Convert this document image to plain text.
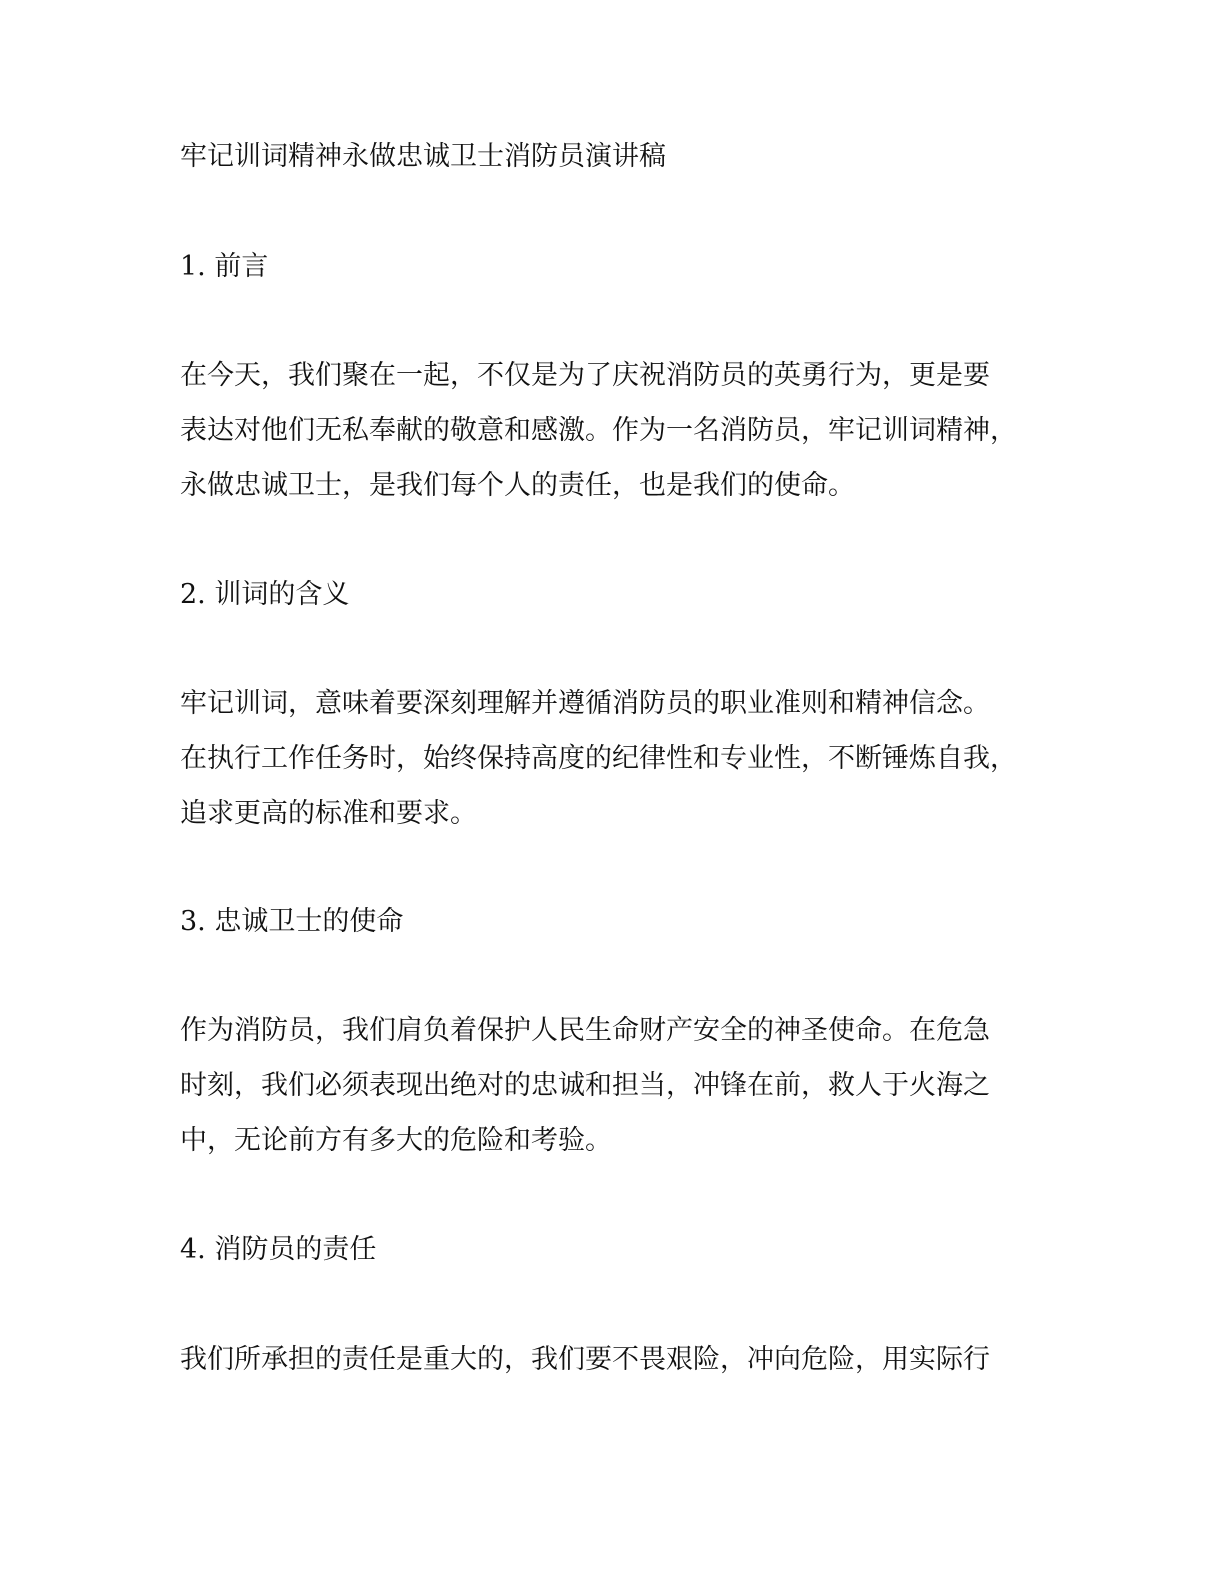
牢记训词精神永做忠诚卫士消防员演讲稿

1. 前言

在今天，我们聚在一起，不仅是为了庆祝消防员的英勇行为，更是要

表达对他们无私奉献的敬意和感激。作为一名消防员，牢记训词精神，

永做忠诚卫士，是我们每个人的责任，也是我们的使命。

2. 训词的含义

牢记训词，意味着要深刻理解并遵循消防员的职业准则和精神信念。

在执行工作任务时，始终保持高度的纪律性和专业性，不断锤炼自我，

追求更高的标准和要求。

3. 忠诚卫士的使命

作为消防员，我们肩负着保护人民生命财产安全的神圣使命。在危急

时刻，我们必须表现出绝对的忠诚和担当，冲锋在前，救人于火海之

中，无论前方有多大的危险和考验。

4. 消防员的责任

我们所承担的责任是重大的，我们要不畏艰险，冲向危险，用实际行
